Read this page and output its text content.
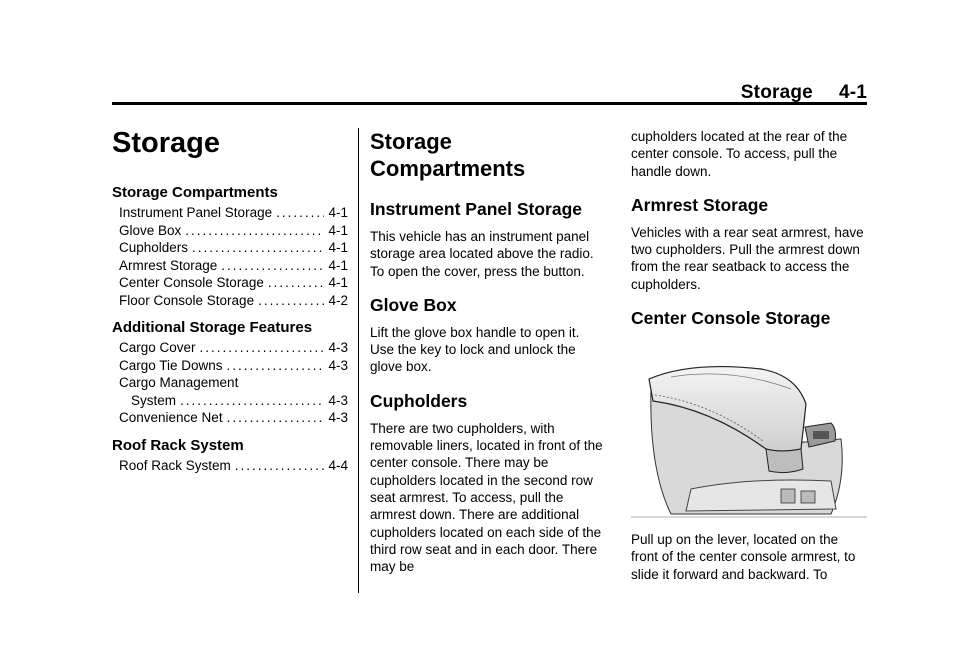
Storage 4-1
Storage
Storage Compartments
Instrument Panel Storage .....	4-1
Glove Box .....	4-1
Cupholders .....	4-1
Armrest Storage .....	4-1
Center Console Storage .....	4-1
Floor Console Storage .....	4-2
Additional Storage Features
Cargo Cover .....	4-3
Cargo Tie Downs .....	4-3
Cargo Management
System .....	4-3
Convenience Net .....	4-3
Roof Rack System
Roof Rack System .....	4-4
Storage
Compartments
Instrument Panel Storage

This vehicle has an instrument panel storage area located above the radio. To open the cover, press the button.

Glove Box

Lift the glove box handle to open it. Use the key to lock and unlock the glove box.

Cupholders

There are two cupholders, with removable liners, located in front of the center console. There may be cupholders located in the second row seat armrest. To access, pull the armrest down. There are additional cupholders located on each side of the third row seat and in each door. There may be

cupholders located at the rear of the center console. To access, pull the handle down.

Armrest Storage

Vehicles with a rear seat armrest, have two cupholders. Pull the armrest down from the rear seatback to access the cupholders.

Center Console Storage

Pull up on the lever, located on the front of the center console armrest, to slide it forward and backward. To
